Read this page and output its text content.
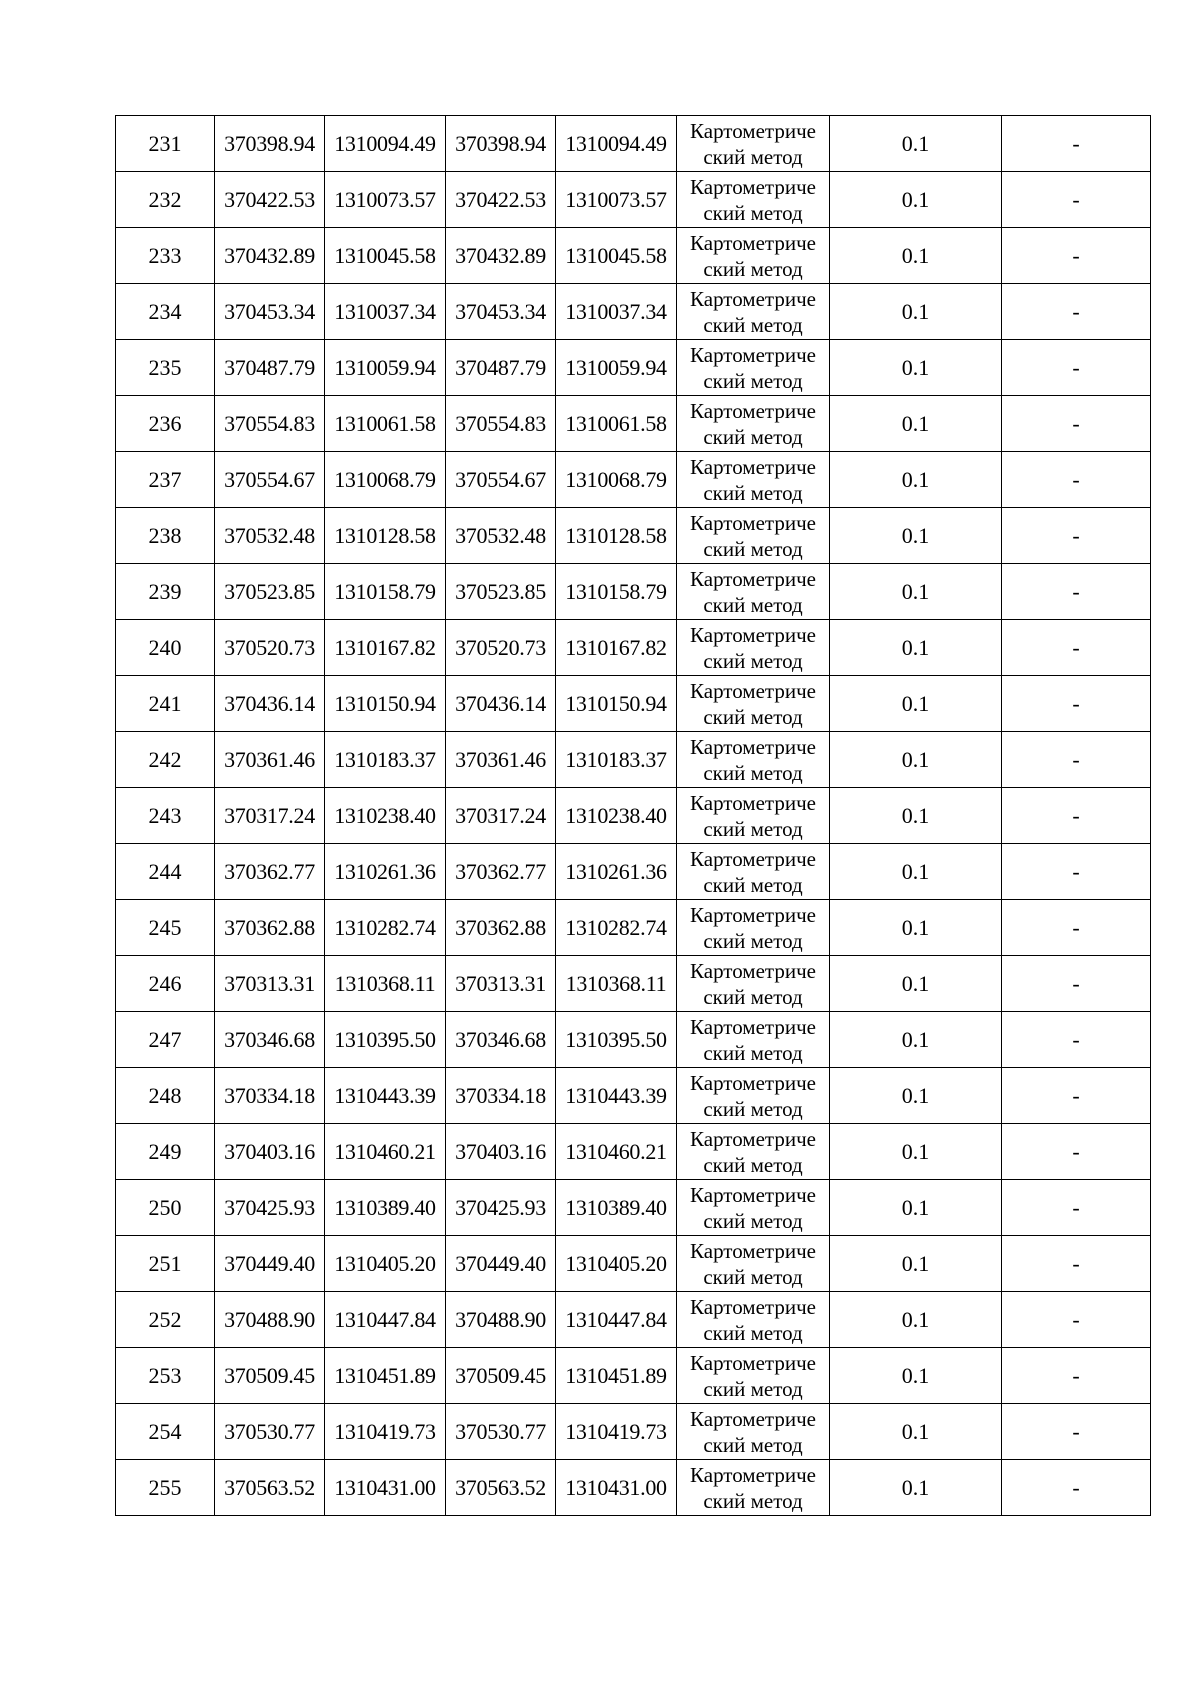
231	370398.94	1310094.49	370398.94	1310094.49	Картометриче
ский метод	0.1	-
232	370422.53	1310073.57	370422.53	1310073.57	Картометриче
ский метод	0.1	-
233	370432.89	1310045.58	370432.89	1310045.58	Картометриче
ский метод	0.1	-
234	370453.34	1310037.34	370453.34	1310037.34	Картометриче
ский метод	0.1	-
235	370487.79	1310059.94	370487.79	1310059.94	Картометриче
ский метод	0.1	-
236	370554.83	1310061.58	370554.83	1310061.58	Картометриче
ский метод	0.1	-
237	370554.67	1310068.79	370554.67	1310068.79	Картометриче
ский метод	0.1	-
238	370532.48	1310128.58	370532.48	1310128.58	Картометриче
ский метод	0.1	-
239	370523.85	1310158.79	370523.85	1310158.79	Картометриче
ский метод	0.1	-
240	370520.73	1310167.82	370520.73	1310167.82	Картометриче
ский метод	0.1	-
241	370436.14	1310150.94	370436.14	1310150.94	Картометриче
ский метод	0.1	-
242	370361.46	1310183.37	370361.46	1310183.37	Картометриче
ский метод	0.1	-
243	370317.24	1310238.40	370317.24	1310238.40	Картометриче
ский метод	0.1	-
244	370362.77	1310261.36	370362.77	1310261.36	Картометриче
ский метод	0.1	-
245	370362.88	1310282.74	370362.88	1310282.74	Картометриче
ский метод	0.1	-
246	370313.31	1310368.11	370313.31	1310368.11	Картометриче
ский метод	0.1	-
247	370346.68	1310395.50	370346.68	1310395.50	Картометриче
ский метод	0.1	-
248	370334.18	1310443.39	370334.18	1310443.39	Картометриче
ский метод	0.1	-
249	370403.16	1310460.21	370403.16	1310460.21	Картометриче
ский метод	0.1	-
250	370425.93	1310389.40	370425.93	1310389.40	Картометриче
ский метод	0.1	-
251	370449.40	1310405.20	370449.40	1310405.20	Картометриче
ский метод	0.1	-
252	370488.90	1310447.84	370488.90	1310447.84	Картометриче
ский метод	0.1	-
253	370509.45	1310451.89	370509.45	1310451.89	Картометриче
ский метод	0.1	-
254	370530.77	1310419.73	370530.77	1310419.73	Картометриче
ский метод	0.1	-
255	370563.52	1310431.00	370563.52	1310431.00	Картометриче
ский метод	0.1	-
